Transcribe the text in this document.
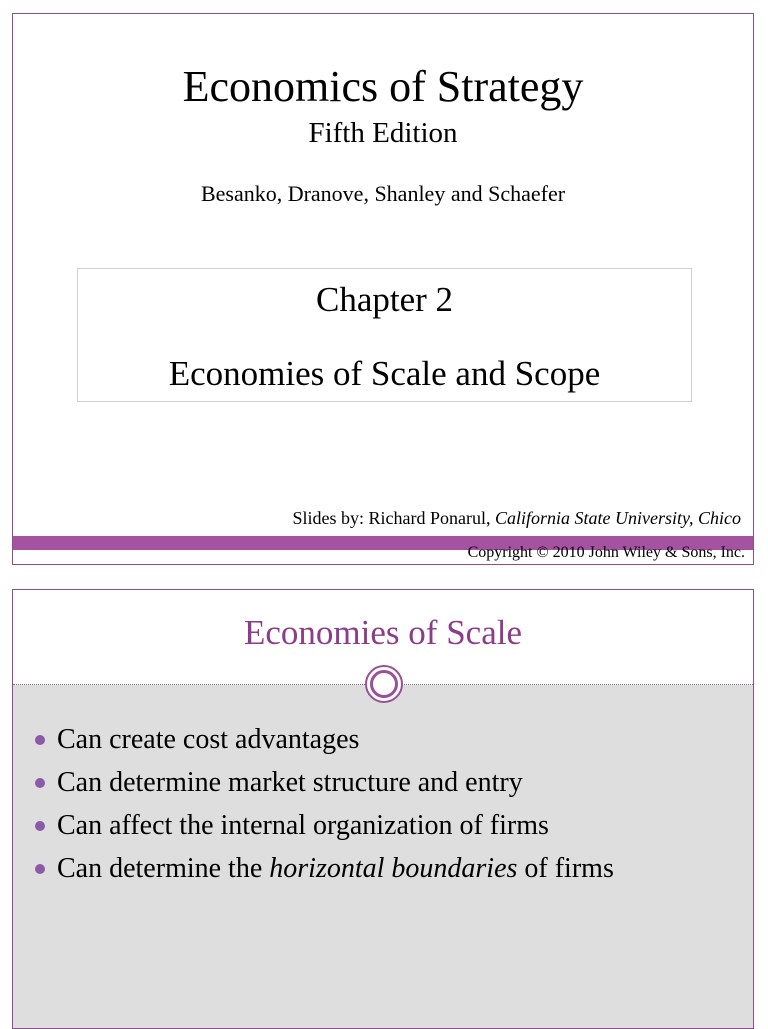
Economics of Strategy
Fifth Edition
Besanko, Dranove, Shanley and Schaefer
Chapter 2
Economies of Scale and Scope
Slides by: Richard Ponarul, California State University, Chico
Copyright © 2010 John Wiley & Sons, Inc.
Economies of Scale
Can create cost advantages
Can determine market structure and entry
Can affect the internal organization of firms
Can determine the horizontal boundaries of firms
